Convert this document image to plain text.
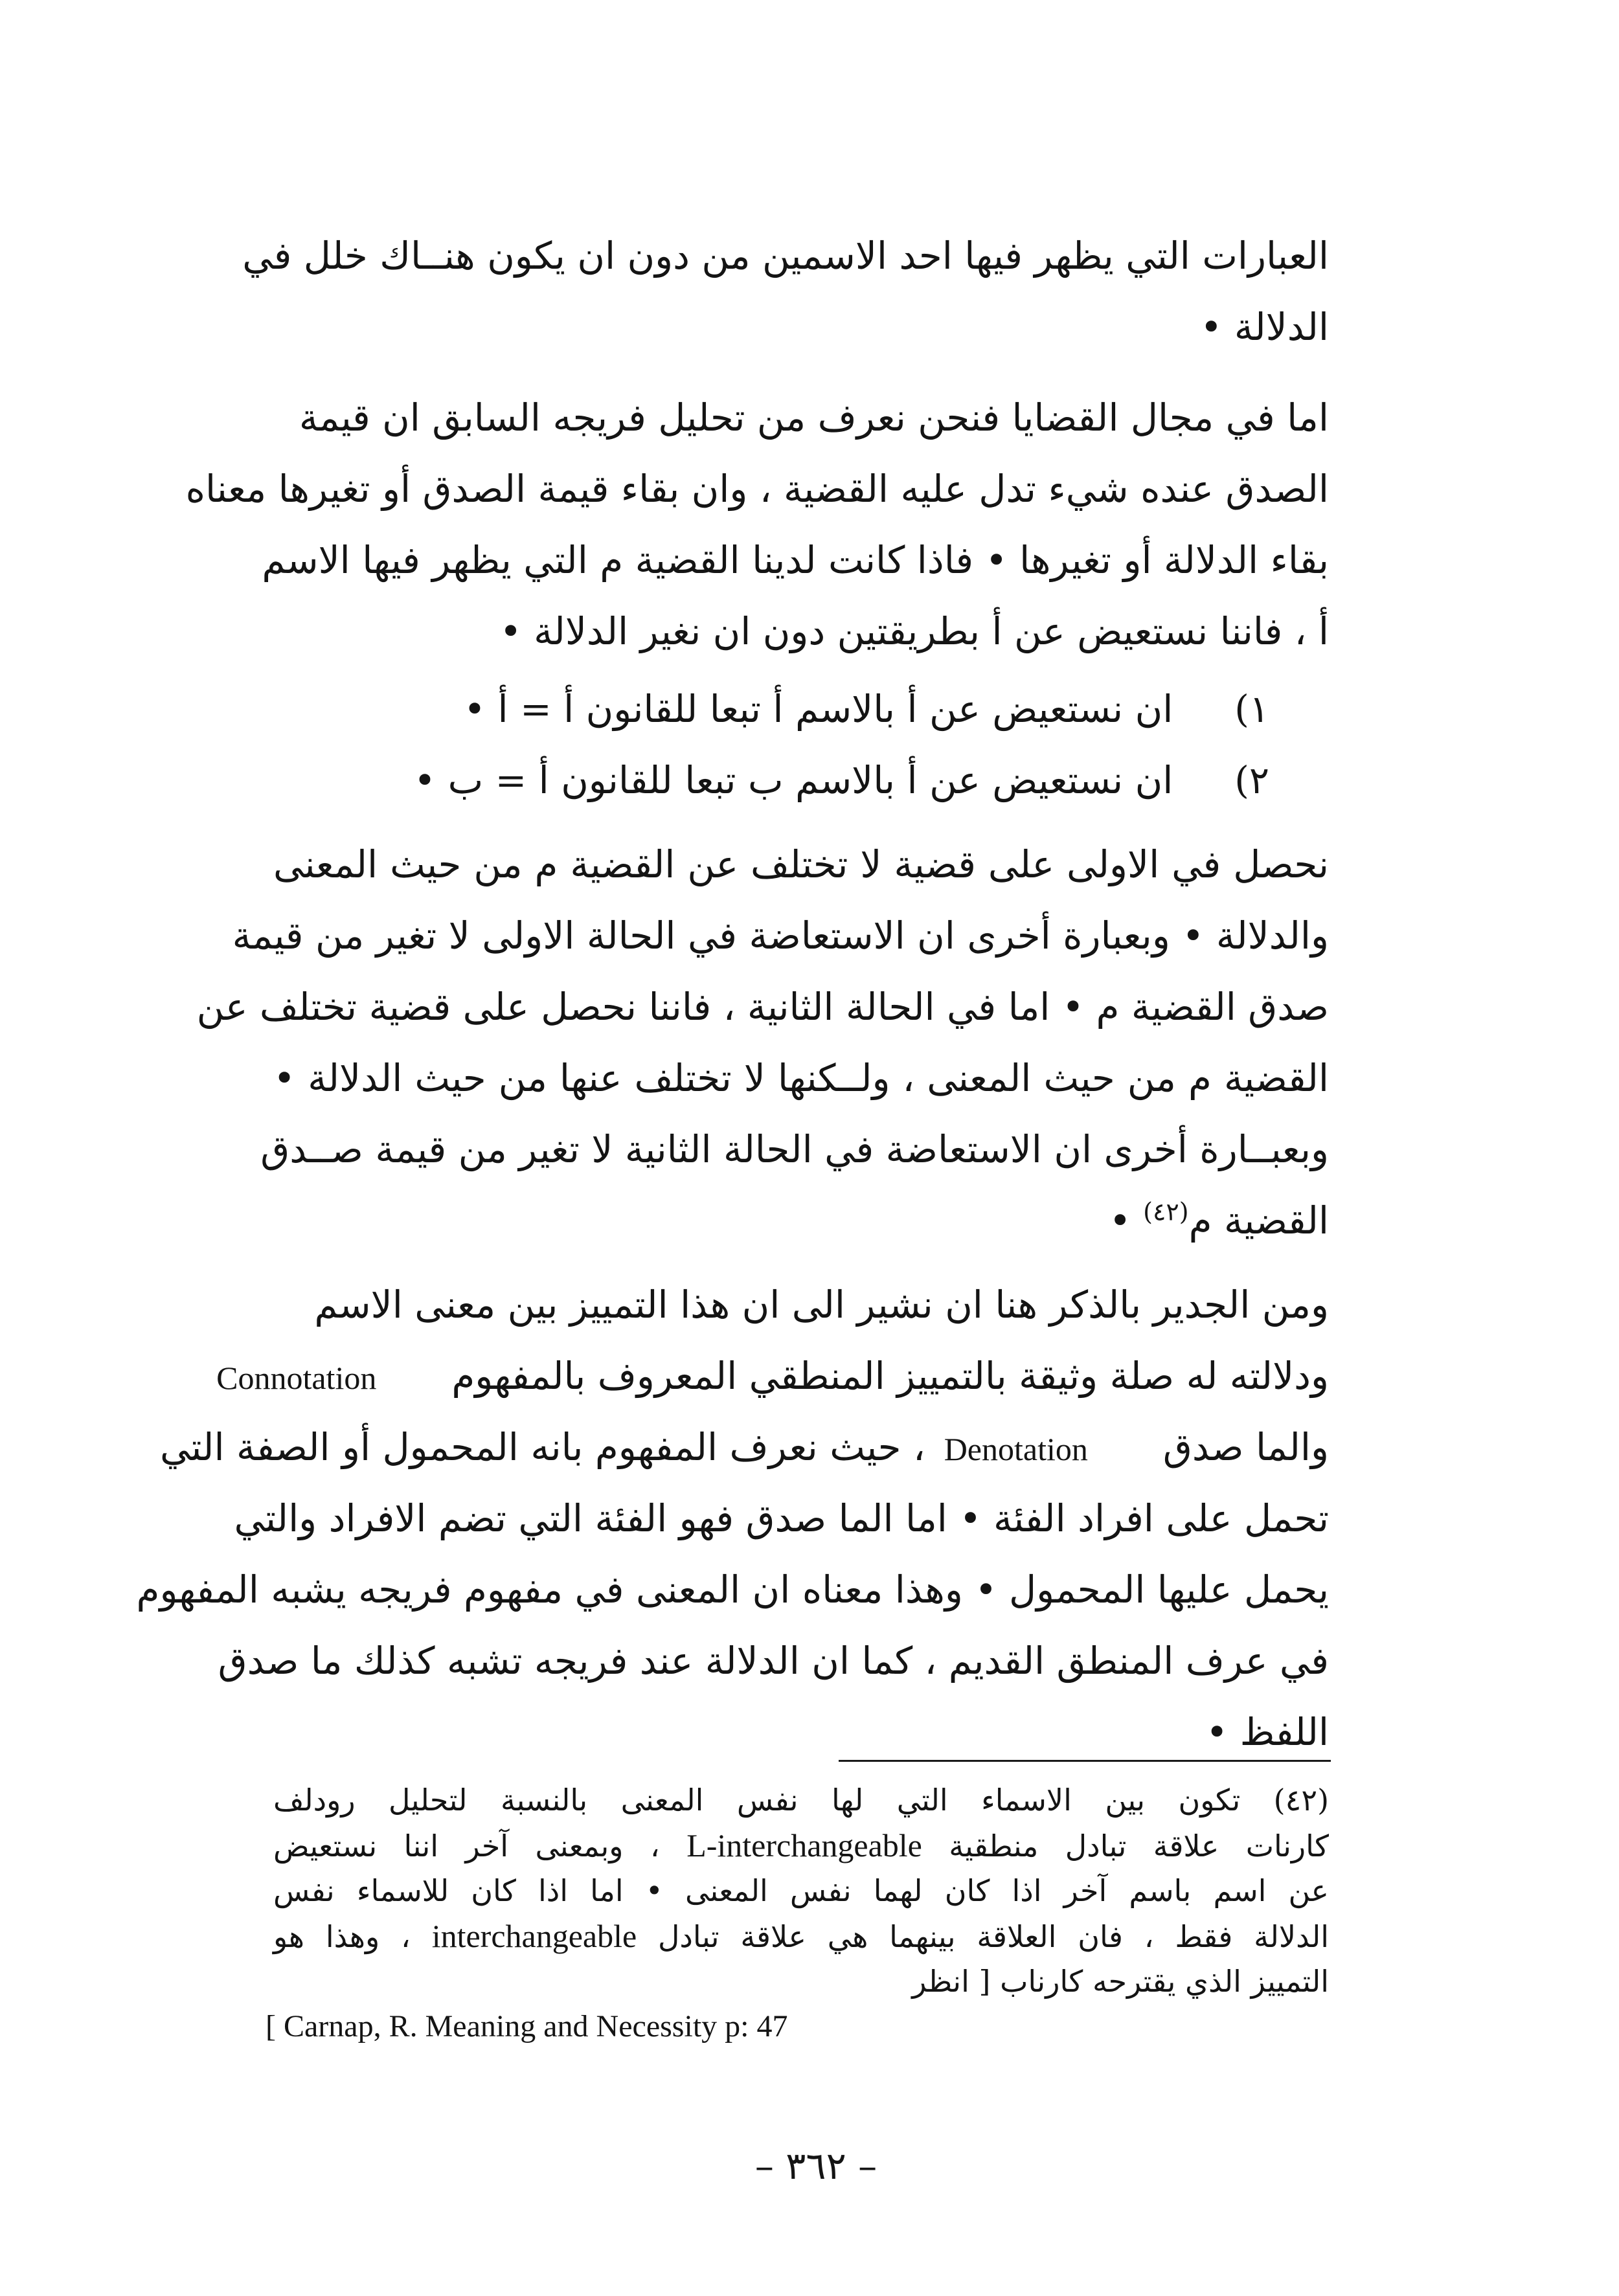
العبارات التي يظهر فيها احد الاسمين من دون ان يكون هنــاك خلل في
الدلالة •
اما في مجال القضايا فنحن نعرف من تحليل فريجه السابق ان قيمة
الصدق عنده شيء تدل عليه القضية ، وان بقاء قيمة الصدق أو تغيرها معناه
بقاء الدلالة أو تغيرها • فاذا كانت لدينا القضية م التي يظهر فيها الاسم
أ ، فاننا نستعيض عن أ بطريقتين دون ان نغير الدلالة •
١)   ان نستعيض عن أ بالاسم أ تبعا للقانون أ = أ •
٢)   ان نستعيض عن أ بالاسم ب تبعا للقانون أ = ب •
نحصل في الاولى على قضية لا تختلف عن القضية م من حيث المعنى
والدلالة • وبعبارة أخرى ان الاستعاضة في الحالة الاولى لا تغير من قيمة
صدق القضية م • اما في الحالة الثانية ، فاننا نحصل على قضية تختلف عن
القضية م من حيث المعنى ، ولــكنها لا تختلف عنها من حيث الدلالة •
وبعبــارة أخرى ان الاستعاضة في الحالة الثانية لا تغير من قيمة صــدق
القضية م$^{(٤٢)}$ •
ومن الجدير بالذكر هنا ان نشير الى ان هذا التمييز بين معنى الاسم
ودلالته له صلة وثيقة بالتمييز المنطقي المعروف بالمفهوم  Connotation
والما صدق  Denotation ، حيث نعرف المفهوم بانه المحمول أو الصفة التي
تحمل على افراد الفئة • اما الما صدق فهو الفئة التي تضم الافراد والتي
يحمل عليها المحمول • وهذا معناه ان المعنى في مفهوم فريجه يشبه المفهوم
في عرف المنطق القديم ، كما ان الدلالة عند فريجه تشبه كذلك ما صدق
اللفظ •
(٤٢) تكون بين الاسماء التي لها نفس المعنى بالنسبة لتحليل رودلف
كارنات علاقة تبادل منطقية L-interchangeable ، وبمعنى آخر اننا نستعيض
عن اسم باسم آخر اذا كان لهما نفس المعنى • اما اذا كان للاسماء نفس
الدلالة فقط ، فان العلاقة بينهما هي علاقة تبادل interchangeable ، وهذا هو
التمييز الذي يقترحه كارناب [ انظر
[ Carnap, R. Meaning and Necessity p: 47
– ٣٦٢ –
